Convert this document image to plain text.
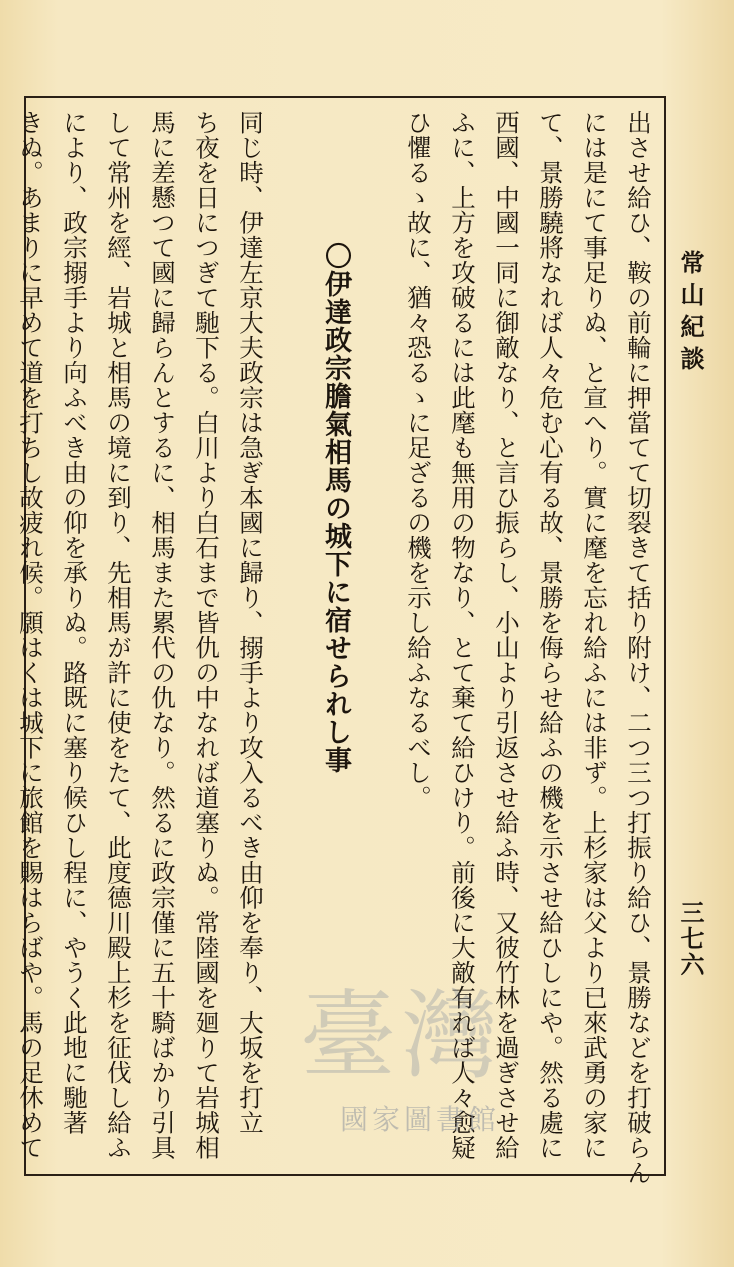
常山紀談
三七六
出させ給ひ、鞍の前輪に押當てて切裂きて括り附け、二つ三つ打振り給ひ、景勝などを打破らん
には是にて事足りぬ、と宣へり。實に麾を忘れ給ふには非ず。上杉家は父より已來武勇の家に
て、景勝驍將なれば人々危む心有る故、景勝を侮らせ給ふの機を示させ給ひしにや。然る處に
西國、中國一同に御敵なり、と言ひ振らし、小山より引返させ給ふ時、又彼竹林を過ぎさせ給
ふに、上方を攻破るには此麾も無用の物なり、とて棄て給ひけり。前後に大敵有れば人々愈疑
ひ懼るゝ故に、猶々恐るゝに足ざるの機を示し給ふなるべし。
〇伊達政宗膽氣相馬の城下に宿せられし事
同じ時、伊達左京大夫政宗は急ぎ本國に歸り、搦手より攻入るべき由仰を奉り、大坂を打立
ち夜を日につぎて馳下る。白川より白石まで皆仇の中なれば道塞りぬ。常陸國を廻りて岩城相
馬に差懸つて國に歸らんとするに、相馬また累代の仇なり。然るに政宗僅に五十騎ばかり引具
して常州を經、岩城と相馬の境に到り、先相馬が許に使をたて、此度德川殿上杉を征伐し給ふ
により、政宗搦手より向ふべき由の仰を承りぬ。路既に塞り候ひし程に、やうく此地に馳著
きぬ。あまりに早めて道を打ちし故疲れ候。願はくは城下に旅館を賜はらばや。馬の足休めて	臺灣
國家圖書館
